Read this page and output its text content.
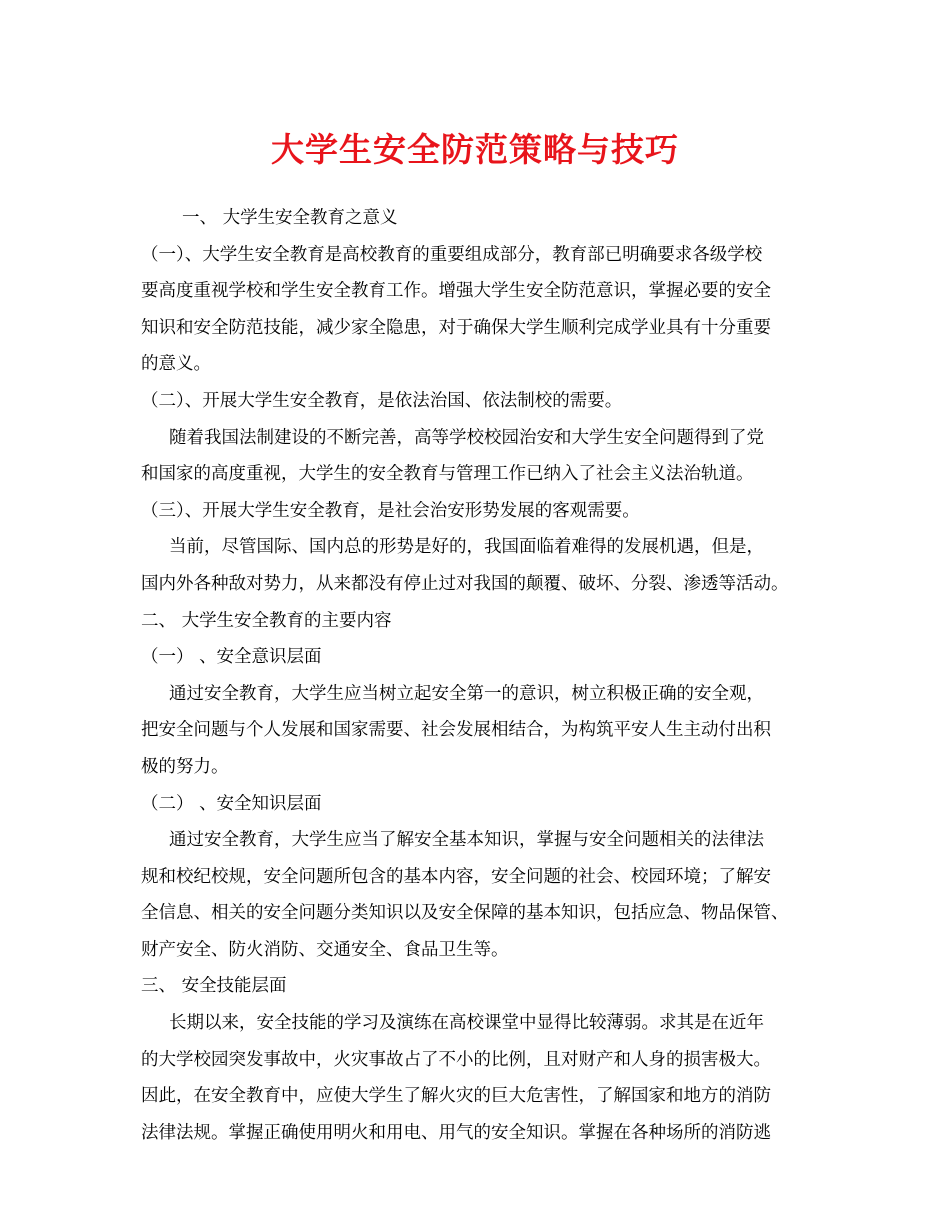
大学生安全防范策略与技巧
一、 大学生安全教育之意义
（一）、大学生安全教育是高校教育的重要组成部分，教育部已明确要求各级学校
要高度重视学校和学生安全教育工作。增强大学生安全防范意识，掌握必要的安全
知识和安全防范技能，减少家全隐患，对于确保大学生顺利完成学业具有十分重要
的意义。
（二）、开展大学生安全教育，是依法治国、依法制校的需要。
随着我国法制建设的不断完善，高等学校校园治安和大学生安全问题得到了党
和国家的高度重视，大学生的安全教育与管理工作已纳入了社会主义法治轨道。
（三）、开展大学生安全教育，是社会治安形势发展的客观需要。
当前，尽管国际、国内总的形势是好的，我国面临着难得的发展机遇，但是，
国内外各种敌对势力，从来都没有停止过对我国的颠覆、破坏、分裂、渗透等活动。
二、 大学生安全教育的主要内容
（一） 、安全意识层面
通过安全教育，大学生应当树立起安全第一的意识，树立积极正确的安全观，
把安全问题与个人发展和国家需要、社会发展相结合，为构筑平安人生主动付出积
极的努力。
（二） 、安全知识层面
通过安全教育，大学生应当了解安全基本知识，掌握与安全问题相关的法律法
规和校纪校规，安全问题所包含的基本内容，安全问题的社会、校园环境；了解安
全信息、相关的安全问题分类知识以及安全保障的基本知识，包括应急、物品保管、
财产安全、防火消防、交通安全、食品卫生等。
三、 安全技能层面
长期以来，安全技能的学习及演练在高校课堂中显得比较薄弱。求其是在近年
的大学校园突发事故中，火灾事故占了不小的比例，且对财产和人身的损害极大。
因此，在安全教育中，应使大学生了解火灾的巨大危害性，了解国家和地方的消防
法律法规。掌握正确使用明火和用电、用气的安全知识。掌握在各种场所的消防逃
